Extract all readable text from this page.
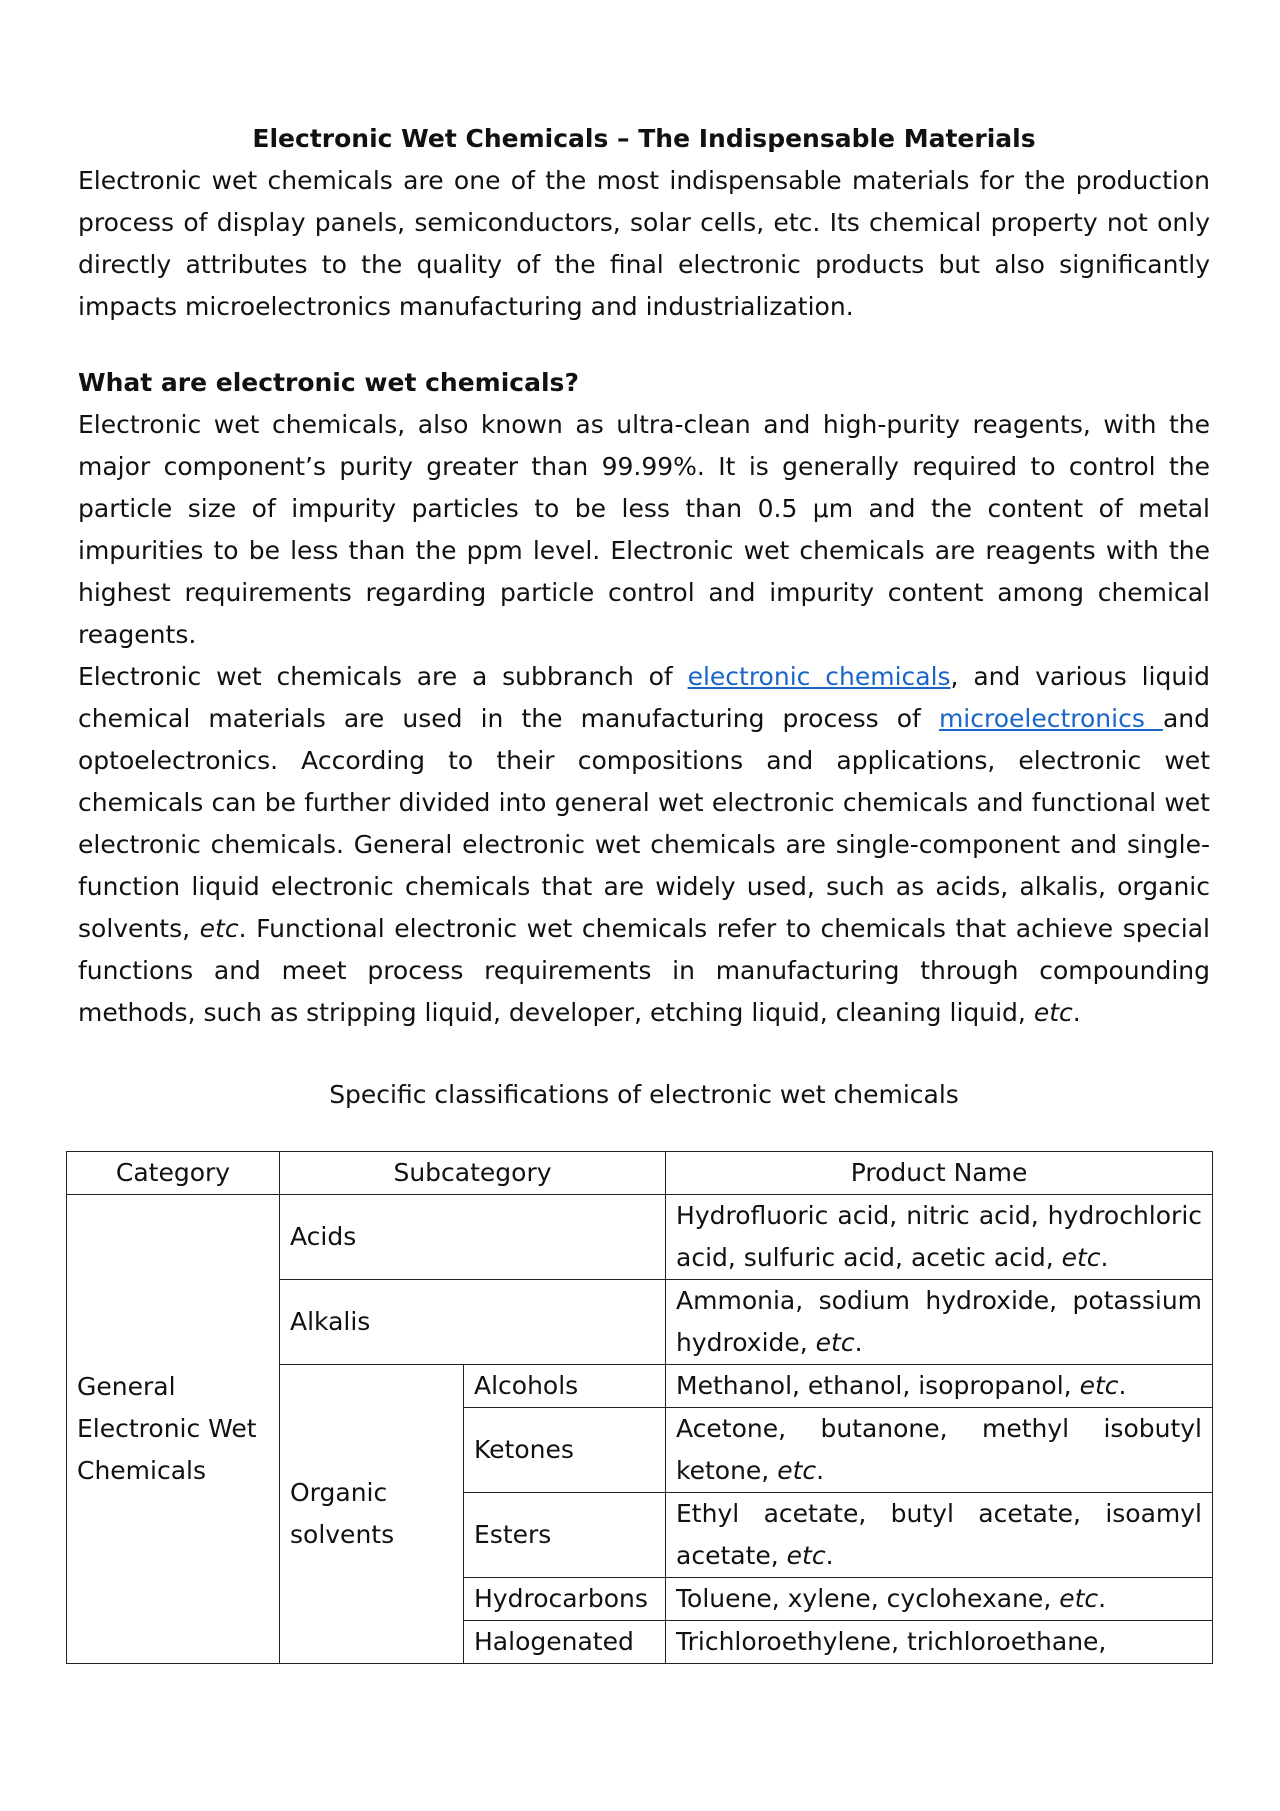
Electronic Wet Chemicals – The Indispensable Materials

Electronic wet chemicals are one of the most indispensable materials for the production process of display panels, semiconductors, solar cells, etc. Its chemical property not only directly attributes to the quality of the final electronic products but also significantly impacts microelectronics manufacturing and industrialization.

What are electronic wet chemicals?

Electronic wet chemicals, also known as ultra-clean and high-purity reagents, with the major component’s purity greater than 99.99%. It is generally required to control the particle size of impurity particles to be less than 0.5 μm and the content of metal impurities to be less than the ppm level. Electronic wet chemicals are reagents with the highest requirements regarding particle control and impurity content among chemical reagents.

Electronic wet chemicals are a subbranch of electronic chemicals, and various liquid chemical materials are used in the manufacturing process of microelectronics and optoelectronics. According to their compositions and applications, electronic wet chemicals can be further divided into general wet electronic chemicals and functional wet electronic chemicals. General electronic wet chemicals are single-component and single-function liquid electronic chemicals that are widely used, such as acids, alkalis, organic solvents, etc. Functional electronic wet chemicals refer to chemicals that achieve special functions and meet process requirements in manufacturing through compounding methods, such as stripping liquid, developer, etching liquid, cleaning liquid, etc.

Specific classifications of electronic wet chemicals

Category	Subcategory		Product Name
General Electronic Wet Chemicals	Acids		Hydrofluoric acid, nitric acid, hydrochloric acid, sulfuric acid, acetic acid, etc.
	Alkalis		Ammonia, sodium hydroxide, potassium hydroxide, etc.
	Organic solvents	Alcohols	Methanol, ethanol, isopropanol, etc.
		Ketones	Acetone, butanone, methyl isobutyl ketone, etc.
		Esters	Ethyl acetate, butyl acetate, isoamyl acetate, etc.
		Hydrocarbons	Toluene, xylene, cyclohexane, etc.
		Halogenated	Trichloroethylene, trichloroethane,
